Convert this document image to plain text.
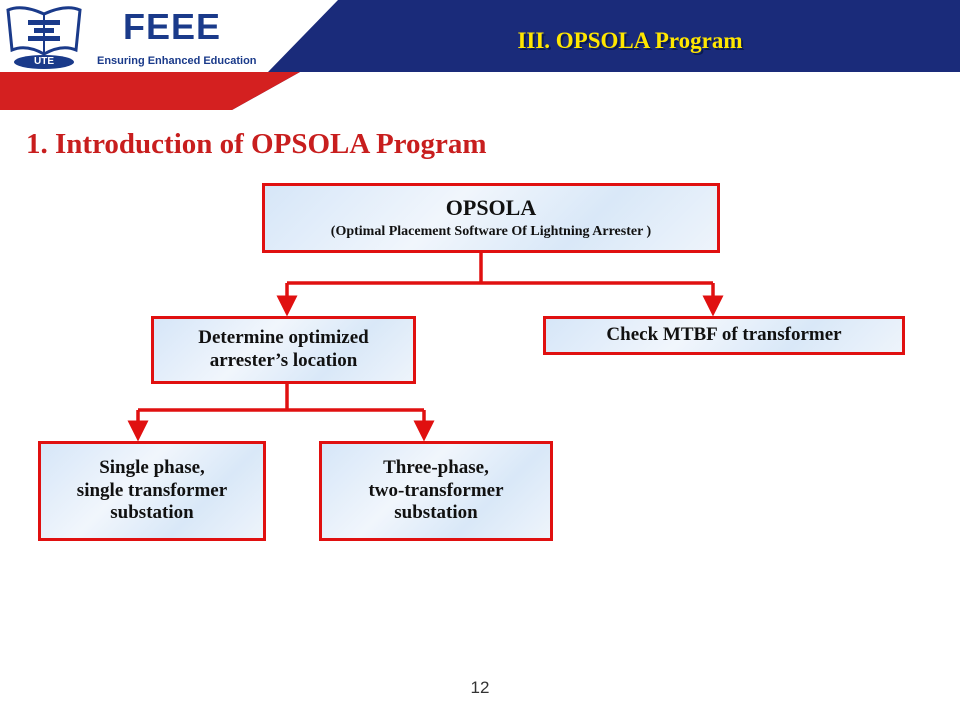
FEEE
Ensuring Enhanced Education
UTE
III. OPSOLA Program
1. Introduction of OPSOLA Program
OPSOLA
(Optimal Placement Software Of Lightning Arrester )
Determine optimized
arrester’s location
Check MTBF of transformer
Single phase,
single transformer
substation
Three-phase,
two-transformer
substation
12
